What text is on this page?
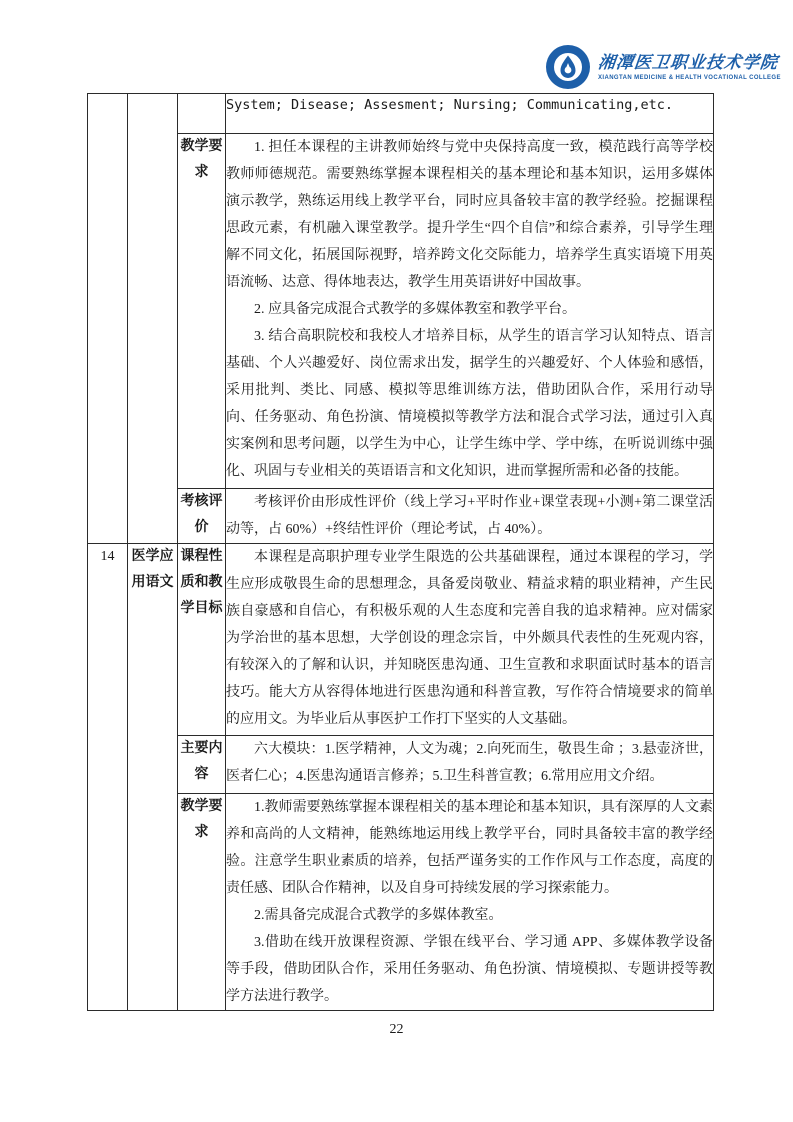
湘潭医卫职业技术学院
XIANGTAN MEDICINE & HEALTH VOCATIONAL COLLEGE

			System; Disease; Assesment; Nursing; Communicating,etc.

		教学要求	1. 担任本课程的主讲教师始终与党中央保持高度一致，模范践行高等学校教师师德规范。需要熟练掌握本课程相关的基本理论和基本知识，运用多媒体演示教学，熟练运用线上教学平台，同时应具备较丰富的教学经验。挖掘课程思政元素，有机融入课堂教学。提升学生“四个自信”和综合素养，引导学生理解不同文化，拓展国际视野，培养跨文化交际能力，培养学生真实语境下用英语流畅、达意、得体地表达，教学生用英语讲好中国故事。

2. 应具备完成混合式教学的多媒体教室和教学平台。

3. 结合高职院校和我校人才培养目标，从学生的语言学习认知特点、语言基础、个人兴趣爱好、岗位需求出发，据学生的兴趣爱好、个人体验和感悟，采用批判、类比、同感、模拟等思维训练方法，借助团队合作，采用行动导向、任务驱动、角色扮演、情境模拟等教学方法和混合式学习法，通过引入真实案例和思考问题，以学生为中心，让学生练中学、学中练，在听说训练中强化、巩固与专业相关的英语语言和文化知识，进而掌握所需和必备的技能。

		考核评价	考核评价由形成性评价（线上学习+平时作业+课堂表现+小测+第二课堂活动等，占 60%）+终结性评价（理论考试，占 40%）。

14	医学应用语文	课程性质和教学目标	本课程是高职护理专业学生限选的公共基础课程，通过本课程的学习，学生应形成敬畏生命的思想理念，具备爱岗敬业、精益求精的职业精神，产生民族自豪感和自信心，有积极乐观的人生态度和完善自我的追求精神。应对儒家为学治世的基本思想，大学创设的理念宗旨，中外颇具代表性的生死观内容，有较深入的了解和认识，并知晓医患沟通、卫生宣教和求职面试时基本的语言技巧。能大方从容得体地进行医患沟通和科普宣教，写作符合情境要求的简单的应用文。为毕业后从事医护工作打下坚实的人文基础。

		主要内容	六大模块：1.医学精神，人文为魂；2.向死而生，敬畏生命 ；3.悬壶济世，医者仁心；4.医患沟通语言修养；5.卫生科普宣教；6.常用应用文介绍。

		教学要求	1.教师需要熟练掌握本课程相关的基本理论和基本知识，具有深厚的人文素养和高尚的人文精神，能熟练地运用线上教学平台，同时具备较丰富的教学经验。注意学生职业素质的培养，包括严谨务实的工作作风与工作态度，高度的责任感、团队合作精神，以及自身可持续发展的学习探索能力。

2.需具备完成混合式教学的多媒体教室。

3.借助在线开放课程资源、学银在线平台、学习通 APP、多媒体教学设备等手段，借助团队合作，采用任务驱动、角色扮演、情境模拟、专题讲授等教学方法进行教学。

22
